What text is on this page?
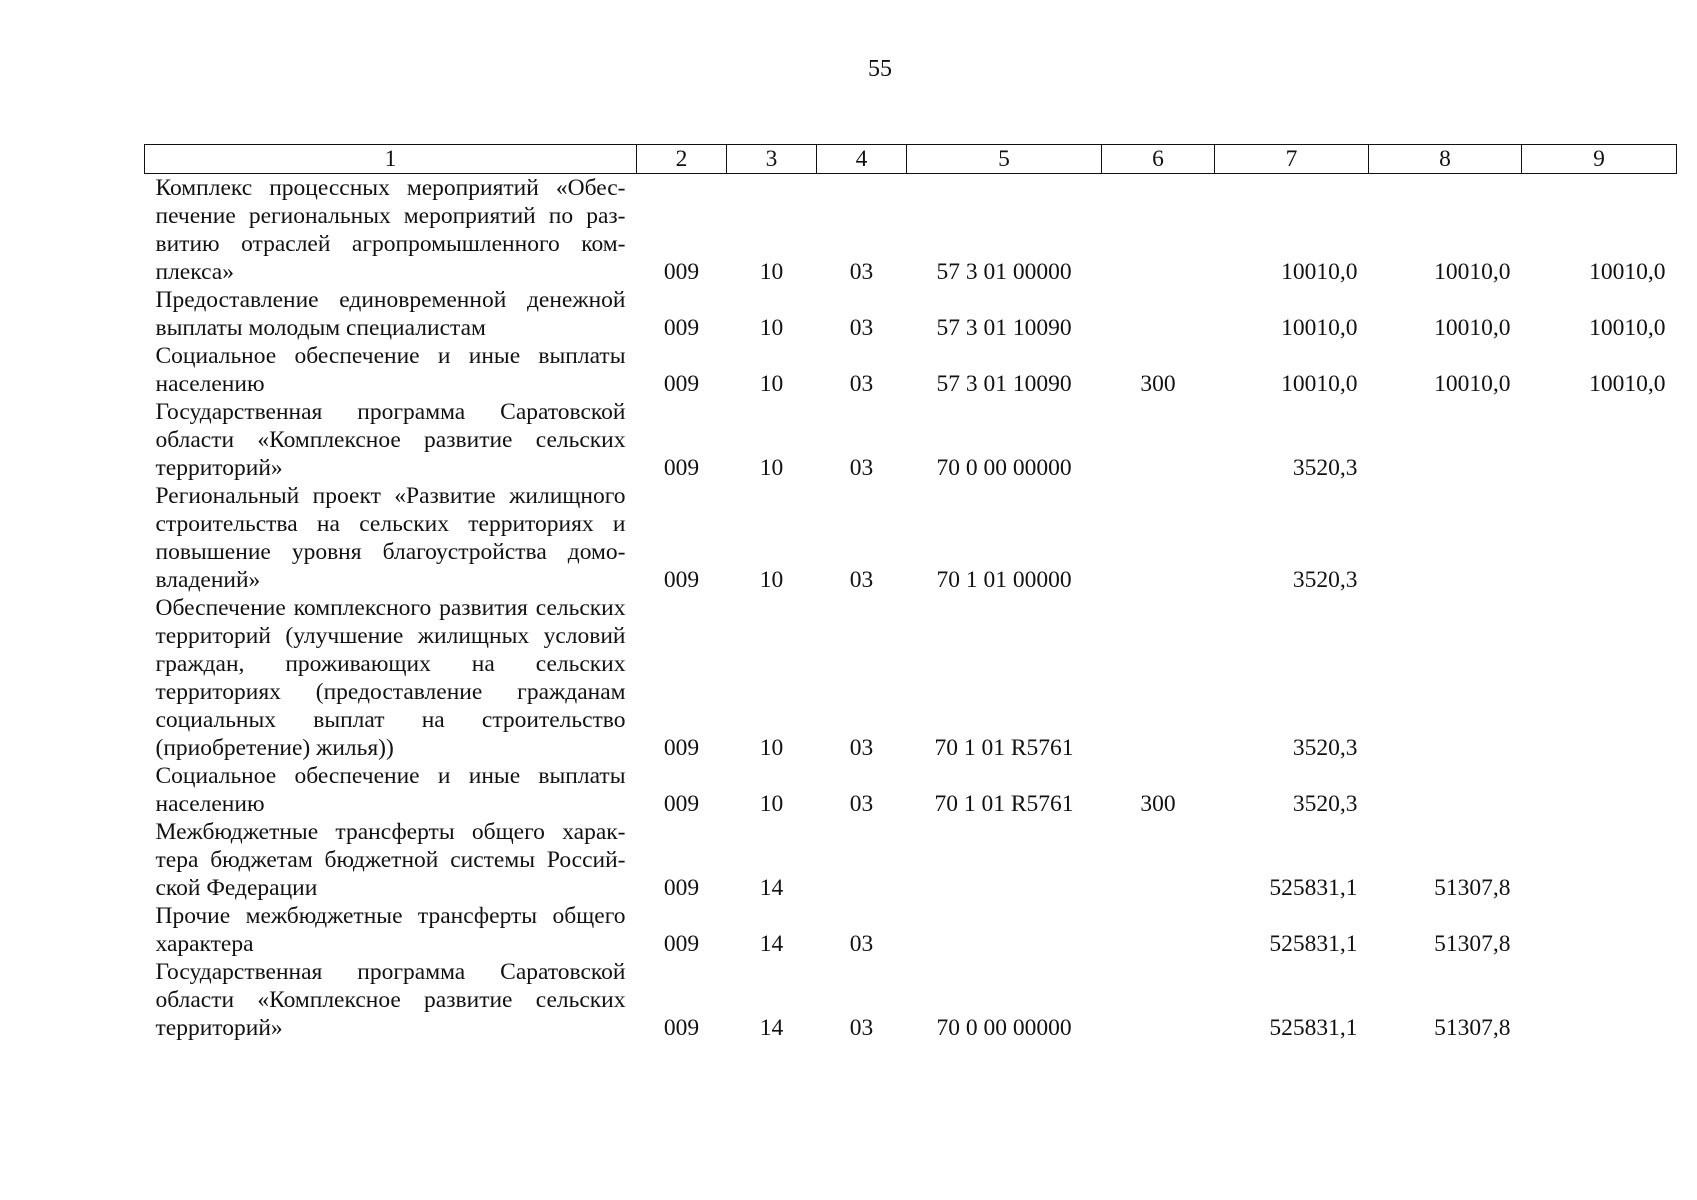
55
1	2	3	4	5	6	7	8	9
Комплекс процессных мероприятий «Обеспечение региональных мероприятий по развитию отраслей агропромышленного комплекса»	009	10	03	57 3 01 00000		10010,0	10010,0	10010,0
Предоставление единовременной денежной выплаты молодым специалистам	009	10	03	57 3 01 10090		10010,0	10010,0	10010,0
Социальное обеспечение и иные выплаты населению	009	10	03	57 3 01 10090	300	10010,0	10010,0	10010,0
Государственная программа Саратовской области «Комплексное развитие сельских территорий»	009	10	03	70 0 00 00000		3520,3		
Региональный проект «Развитие жилищного строительства на сельских территориях и повышение уровня благоустройства домовладений»	009	10	03	70 1 01 00000		3520,3		
Обеспечение комплексного развития сельских территорий (улучшение жилищных условий граждан, проживающих на сельских территориях (предоставление гражданам социальных выплат на строительство (приобретение) жилья))	009	10	03	70 1 01 R5761		3520,3		
Социальное обеспечение и иные выплаты населению	009	10	03	70 1 01 R5761	300	3520,3		
Межбюджетные трансферты общего характера бюджетам бюджетной системы Российской Федерации	009	14				525831,1	51307,8	
Прочие межбюджетные трансферты общего характера	009	14	03			525831,1	51307,8	
Государственная программа Саратовской области «Комплексное развитие сельских территорий»	009	14	03	70 0 00 00000		525831,1	51307,8	
